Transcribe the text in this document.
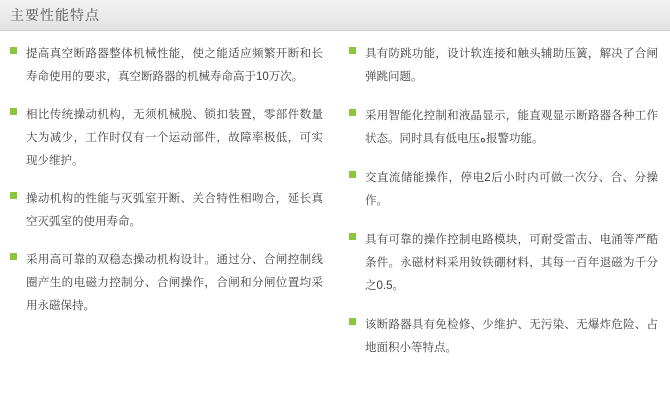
主要性能特点
提高真空断路器整体机械性能，使之能适应频繁开断和长寿命使用的要求，真空断路器的机械寿命高于10万次。
相比传统操动机构，无须机械脱、锁扣装置，零部件数量大为减少，工作时仅有一个运动部件，故障率极低，可实现少维护。
操动机构的性能与灭弧室开断、关合特性相吻合，延长真空灭弧室的使用寿命。
采用高可靠的双稳态操动机构设计。通过分、合闸控制线圈产生的电磁力控制分、合闸操作，合闸和分闸位置均采用永磁保持。
具有防跳功能，设计软连接和触头辅助压簧，解决了合闸弹跳问题。
采用智能化控制和液晶显示，能直观显示断路器各种工作状态。同时具有低电压ه报警功能。
交直流储能操作，停电2后小时内可做一次分、合、分操作。
具有可靠的操作控制电路模块，可耐受雷击、电涌等严酷条件。永磁材料采用钕铁硼材料，其每一百年退磁为千分之0.5。
该断路器具有免检修、少维护、无污染、无爆炸危险、占地面积小等特点。
